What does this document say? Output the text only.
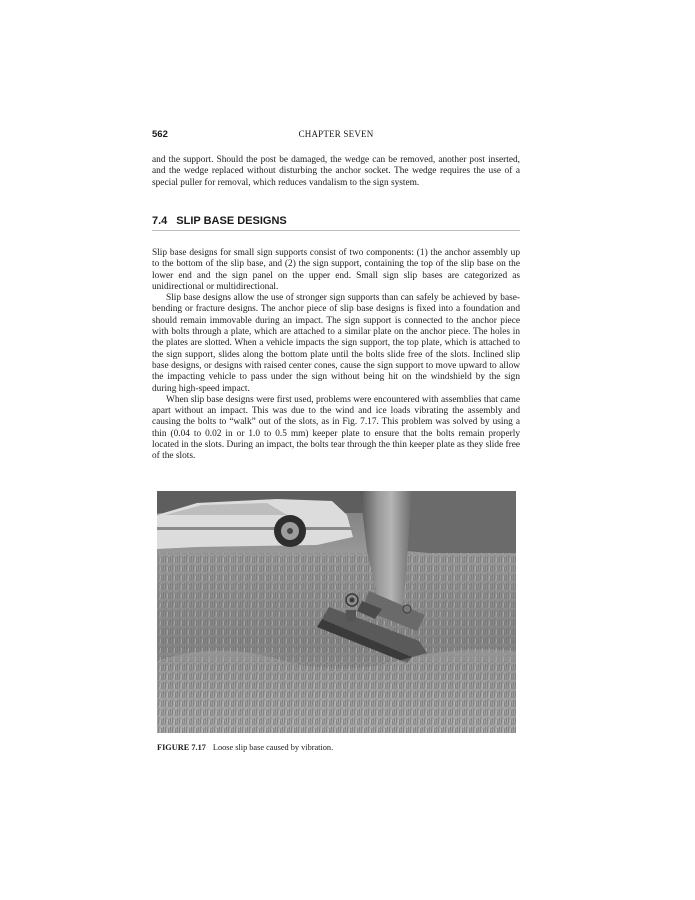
562	CHAPTER SEVEN

and the support. Should the post be damaged, the wedge can be removed, another post inserted, and the wedge replaced without disturbing the anchor socket. The wedge requires the use of a special puller for removal, which reduces vandalism to the sign system.

7.4 SLIP BASE DESIGNS

Slip base designs for small sign supports consist of two components: (1) the anchor assembly up to the bottom of the slip base, and (2) the sign support, containing the top of the slip base on the lower end and the sign panel on the upper end. Small sign slip bases are categorized as unidirectional or multidirectional.

Slip base designs allow the use of stronger sign supports than can safely be achieved by base-bending or fracture designs. The anchor piece of slip base designs is fixed into a foundation and should remain immovable during an impact. The sign support is connected to the anchor piece with bolts through a plate, which are attached to a similar plate on the anchor piece. The holes in the plates are slotted. When a vehicle impacts the sign support, the top plate, which is attached to the sign support, slides along the bottom plate until the bolts slide free of the slots. Inclined slip base designs, or designs with raised center cones, cause the sign support to move upward to allow the impacting vehicle to pass under the sign without being hit on the windshield by the sign during high-speed impact.

When slip base designs were first used, problems were encountered with assemblies that came apart without an impact. This was due to the wind and ice loads vibrating the assembly and causing the bolts to “walk” out of the slots, as in Fig. 7.17. This problem was solved by using a thin (0.04 to 0.02 in or 1.0 to 0.5 mm) keeper plate to ensure that the bolts remain properly located in the slots. During an impact, the bolts tear through the thin keeper plate as they slide free of the slots.

FIGURE 7.17 Loose slip base caused by vibration.
